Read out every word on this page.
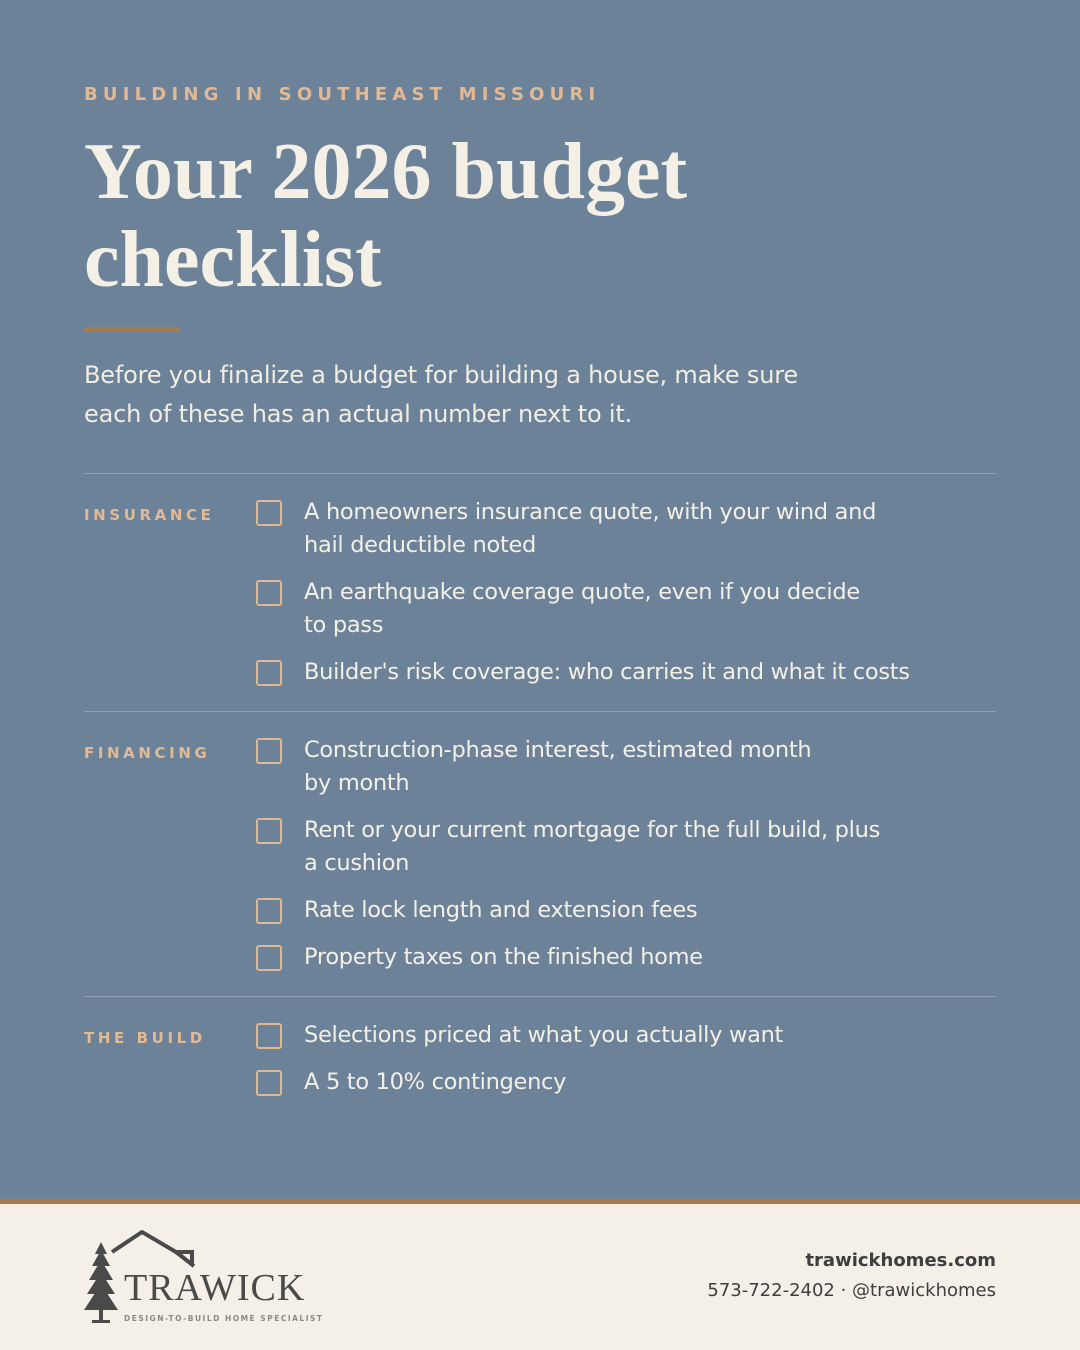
BUILDING IN SOUTHEAST MISSOURI
Your 2026 budget
checklist
Before you finalize a budget for building a house, make sure
each of these has an actual number next to it.
INSURANCE	A homeowners insurance quote, with your wind and
hail deductible noted
An earthquake coverage quote, even if you decide
to pass
Builder's risk coverage: who carries it and what it costs
FINANCING	Construction-phase interest, estimated month
by month
Rent or your current mortgage for the full build, plus
a cushion
Rate lock length and extension fees
Property taxes on the finished home
THE BUILD	Selections priced at what you actually want
A 5 to 10% contingency
TRAWICK
DESIGN-TO-BUILD HOME SPECIALIST
trawickhomes.com
573-722-2402 · @trawickhomes
